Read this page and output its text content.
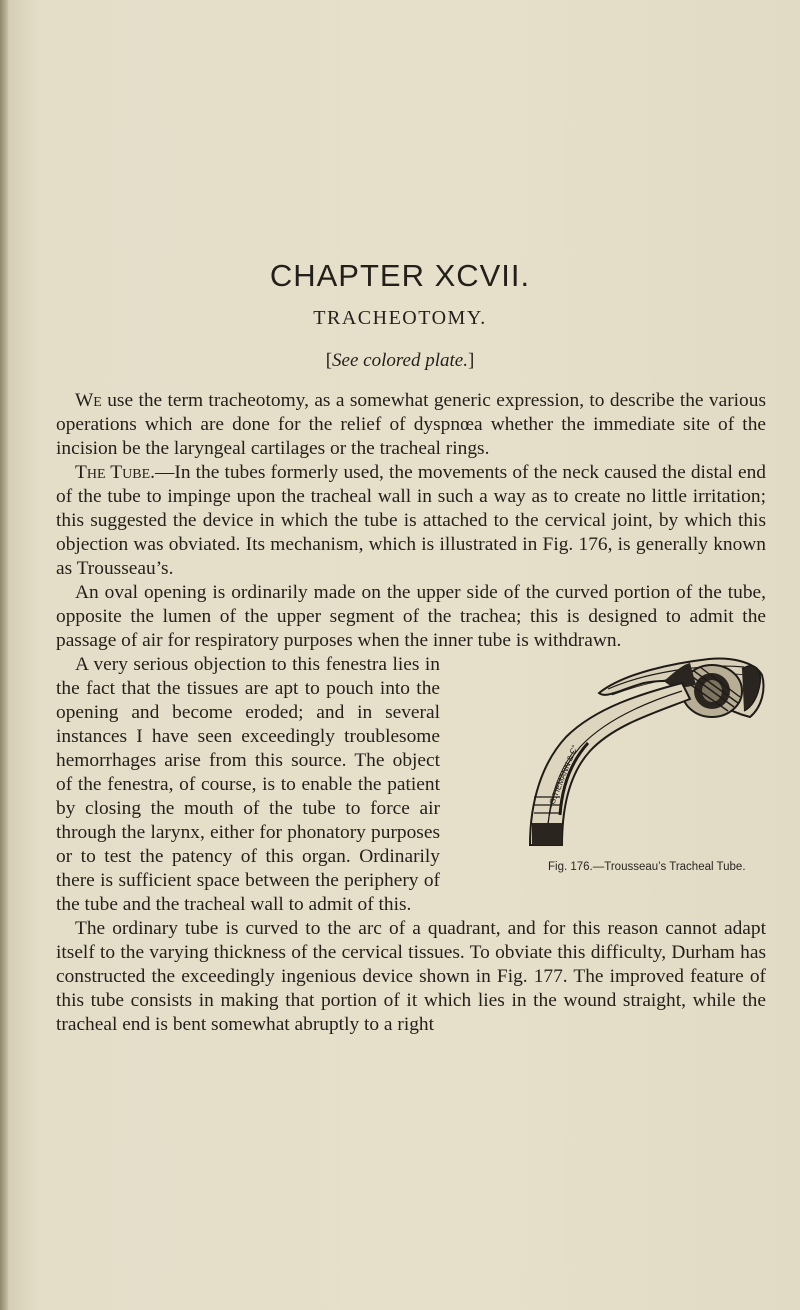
CHAPTER XCVII.
TRACHEOTOMY.
[See colored plate.]

We use the term tracheotomy, as a somewhat generic expression, to describe the various operations which are done for the relief of dyspnœa whether the immediate site of the incision be the laryngeal cartilages or the tracheal rings.

The Tube.—In the tubes formerly used, the movements of the neck caused the distal end of the tube to impinge upon the tracheal wall in such a way as to create no little irritation; this suggested the device in which the tube is attached to the cervical joint, by which this objection was obviated. Its mechanism, which is illustrated in Fig. 176, is generally known as Trousseau’s.

An oval opening is ordinarily made on the upper side of the curved portion of the tube, opposite the lumen of the upper segment of the trachea; this is designed to admit the passage of air for respiratory purposes when the inner tube is withdrawn.

G.TIEMANN & C°
Fig. 176.—Trousseau’s Tracheal Tube.

A very serious objection to this fenestra lies in the fact that the tissues are apt to pouch into the opening and become eroded; and in several instances I have seen exceedingly troublesome hemorrhages arise from this source. The object of the fenestra, of course, is to enable the patient by closing the mouth of the tube to force air through the larynx, either for phonatory purposes or to test the patency of this organ. Ordinarily there is sufficient space between the periphery of the tube and the tracheal wall to admit of this.

The ordinary tube is curved to the arc of a quadrant, and for this reason cannot adapt itself to the varying thickness of the cervical tissues. To obviate this difficulty, Durham has constructed the exceedingly ingenious device shown in Fig. 177. The improved feature of this tube consists in making that portion of it which lies in the wound straight, while the tracheal end is bent somewhat abruptly to a right
